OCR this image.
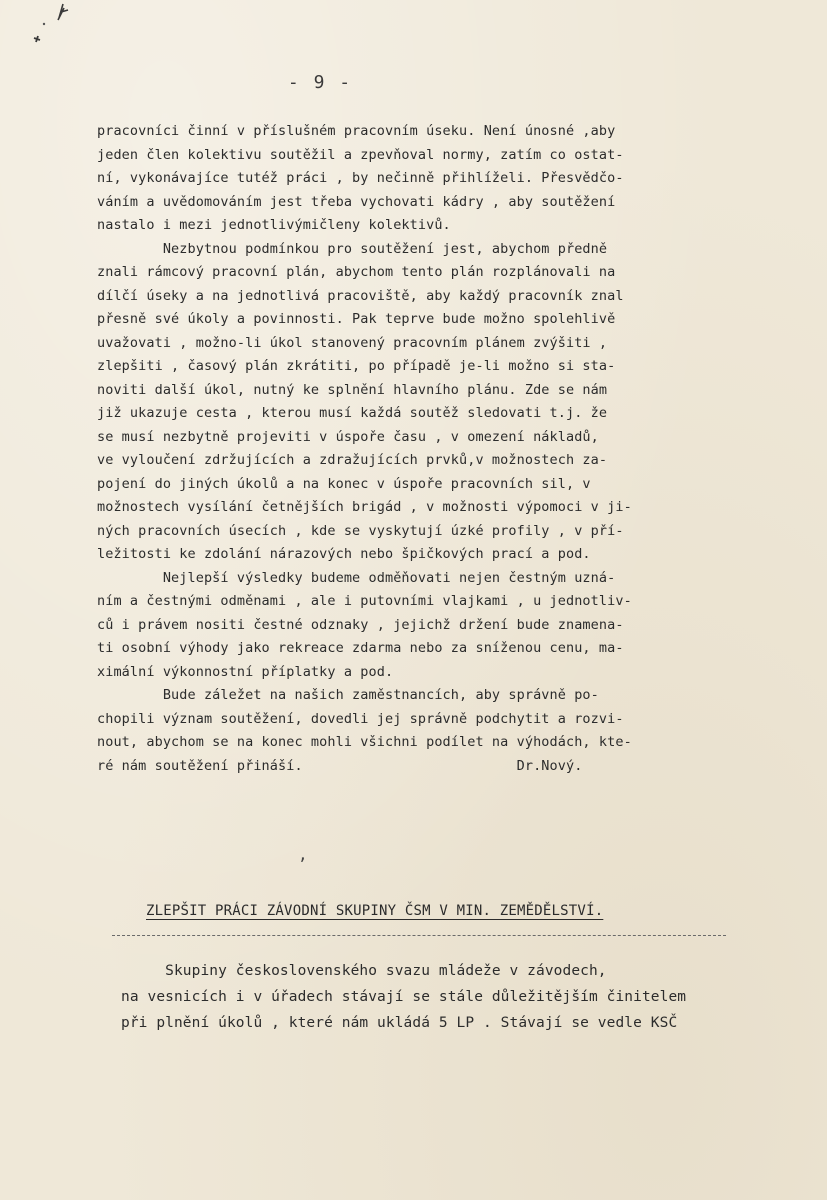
- 9 -
pracovníci činní v příslušném pracovním úseku. Není únosné ,aby
jeden člen kolektivu soutěžil a zpevňoval normy, zatím co ostat-
ní, vykonávajíce tutéž práci , by nečinně přihlíželi. Přesvědčo-
váním a uvědomováním jest třeba vychovati kádry , aby soutěžení
nastalo i mezi jednotlivýmičleny kolektivů.
Nezbytnou podmínkou pro soutěžení jest, abychom předně
znali rámcový pracovní plán, abychom tento plán rozplánovali na
dílčí úseky a na jednotlivá pracoviště, aby každý pracovník znal
přesně své úkoly a povinnosti. Pak teprve bude možno spolehlivě
uvažovati , možno-li úkol stanovený pracovním plánem zvýšiti ,
zlepšiti , časový plán zkrátiti, po případě je-li možno si sta-
noviti další úkol, nutný ke splnění hlavního plánu. Zde se nám
již ukazuje cesta , kterou musí každá soutěž sledovati t.j. že
se musí nezbytně projeviti v úspoře času , v omezení nákladů,
ve vyloučení zdržujících a zdražujících prvků,v možnostech za-
pojení do jiných úkolů a na konec v úspoře pracovních sil, v
možnostech vysílání četnějších brigád , v možnosti výpomoci v ji-
ných pracovních úsecích , kde se vyskytují úzké profily , v pří-
ležitosti ke zdolání nárazových nebo špičkových prací a pod.
Nejlepší výsledky budeme odměňovati nejen čestným uzná-
ním a čestnými odměnami , ale i putovními vlajkami , u jednotliv-
ců i právem nositi čestné odznaky , jejichž držení bude znamena-
ti osobní výhody jako rekreace zdarma nebo za sníženou cenu, ma-
ximální výkonnostní příplatky a pod.
Bude záležet na našich zaměstnancích, aby správně po-
chopili význam soutěžení, dovedli jej správně podchytit a rozvi-
nout, abychom se na konec mohli všichni podílet na výhodách, kte-
ré nám soutěžení přináší.                          Dr.Nový.
,
ZLEPŠIT PRÁCI ZÁVODNÍ SKUPINY ČSM V MIN. ZEMĚDĚLSTVÍ.
Skupiny československého svazu mládeže v závodech,
na vesnicích i v úřadech stávají se stále důležitějším činitelem
při plnění úkolů , které nám ukládá 5 LP . Stávají se vedle KSČ
